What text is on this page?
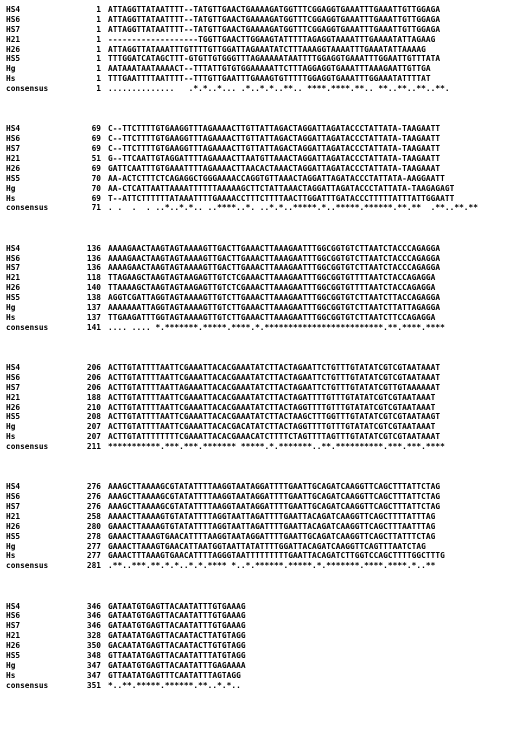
HS4	1 ATTAGGTTATAATTTT--TATGTTGAACTGAAAAGATGGTTTCGGAGGTGAAATTTGAAATTGTTGGAGA
HS6	1 ATTAGGTTATAATTTT--TATGTTGAACTGAAAAGATGGTTTCGGAGGTGAAATTTGAAATTGTTGGAGA
HS7	1 ATTAGGTTATAATTTT--TATGTTGAACTGAAAAGATGGTTTCGGAGGTGAAATTTGAAATTGTTGGAGA
H21	1 -------------------TGGTTGAACTTGGAAGTATTTTTAGAGGTAAAATTTGAAAATATTAGAAG
H26	1 ATTAGGTTATAAATTTGTTTTGTTGGATTAGAAATATCTTTAAAGGTAAAATTTGAAATATTAAAAG
HS5	1 TTTGGATCATAGCTTT-GTGTTGTGGGTTTAGAAAAATAATTTTGGAGGTGAAATTTGGAATTGTTTATA
Hg	1 AATAAATAATAAAACT--TTTATTGTGTGGAAAAATTCTTTAGGAGGTGAAATTTAAAGAATTGTTGA
Hs	1 TTTGAATTTTAATTTT--TTTGTTGAATTTGAAAGTGTTTTTGGAGGTGAAATTTGGAAATATTTTAT
consensus	1 ..............   .*.*..*... .*..*.*..**.. ****.****.**.. **..**..**..**.
HS4	69 C--TTCTTTTGTGAAGGTTTAGAAAACTTGTTATTAGACTAGGATTAGATACCCTATTATA-TAAGAATT
HS6	69 C--TTCTTTTGTGAAGGTTTAGAAAACTTGTTATTAGACTAGGATTAGATACCCTATTATA-TAAGAATT
HS7	69 C--TTCTTTTGTGAAGGTTTAGAAAACTTGTTATTAGACTAGGATTAGATACCCTATTATA-TAAGAATT
H21	51 G--TTCAATTGTAGGATTTTAGAAAACTTAATGTTAAACTAGGATTAGATACCCTATTATA-TAAGAATT
H26	69 GATTCAATTTGTGAAATTTTAGAAAACTTAACACTAAACTAGGATTAGATACCCTATTATA-TAAGAAAT
HS5	70 AA-ACTCTTTCTCAGAGGCTGGGAAAACCAGGTGTTAAACTAGGATTAGATACCCTATTATA-AAGGAATT
Hg	70 AA-CTCATTAATTAAAATTTTTTAAAAAGCTTCTATTAAACTAGGATTAGATACCCTATTATA-TAAGAGAGT
Hs	69 T--ATTCTTTTTTATAAATTTTGAAAACCTTTCTTTTAACTTGGATTTGATACCCTTTTTATTTATTGGAATT
consensus	71 . .  .  . ..*..*.*.. ..****..*. ..*.*..*****.*..*****.******.**.**  .**..**.**
HS4	136 AAAAGAACTAAGTAGTAAAAGTTGACTTGAAACTTAAAGAATTTGGCGGTGTCTTAATCTACCCAGAGGA
HS6	136 AAAAGAACTAAGTAGTAAAAGTTGACTTGAAACTTAAAGAATTTGGCGGTGTCTTAATCTACCCAGAGGA
HS7	136 AAAAGAACTAAGTAGTAAAAGTTGACTTGAAACTTAAAGAATTTGGCGGTGTCTTAATCTACCCAGAGGA
H21	118 TTAGAAGCTAAGTAGTAAGAGTTGTCTCGAAACTTAAAGAATTTGGCGGTGTTTTAATCTACCAGAGGA
H26	140 TTAAAAGCTAAGTAGTAAGAGTTGTCTCGAAACTTAAAGAATTTGGCGGTGTTTTAATCTACCAGAGGA
HS5	138 AGGTCGATTAGGTAGTAAAAGTTGTCTTGAAACTTAAAGAATTTGGCGGTGTCTTAATCTTACCAGAGGA
Hg	137 AAAAAAATTAGGTAGTAAAAGTTGTCTTGAAACTTAAAGAATTTGGCGGTGTCTTAATCTTATTAGAGGA
Hs	137 TTGAAGATTTGGTAGTAAAAGTTGTCTTGAAACTTAAAGAATTTGGCGGTGTCTTAATCTTCCAGAGGA
consensus	141 .... .... *.*******.*****.****.*.*************************.**.****.****
HS4	206 ACTTGTATTTTAATTCGAAATTACACGAAATATCTTACTAGAATTCTGTTTGTATATCGTCGTAATAAAT
HS6	206 ACTTGTATTTTAATTCGAAATTACACGAAATATCTTACTAGAATTCTGTTTGTATATCGTCGTAATAAAT
HS7	206 ACTTGTATTTTAATTAGAAATTACACGAAATATCTTACTAGAATTCTGTTTGTATATCGTTGTAAAAAAT
H21	188 ACTTGTATTTTAATTCGAAATTACACGAAATATCTTACTAGATTTTGTTTGTATATCGTCGTAATAAAT
H26	210 ACTTGTATTTTAATTCGAAATTACACGAAATATCTTACTAGGTTTTGTTTGTATATCGTCGTAATAAAT
HS5	208 ACTTGTATTTTAATTCGAAATTACACGAAATATCTTACTAAGCTTTGGTTTGTATATCGTCGTAATAAGT
Hg	207 ACTTGTATTTTAATTCGAAATTACACGACATATCTTACTAGGTTTTGTTTGTATATCGTCGTAATAAAT
Hs	207 ACTTGTATTTTTTTTCGAAATTACACGAAACATCTTTTCTAGTTTTAGTTTGTATATCGTCGTAATAAAT
consensus	211 ***********.***.***.******* *****.*.*******..**.**********.***.***.****
HS4	276 AAAGCTTAAAAGCGTATATTTTAAGGTAATAGGATTTTGAATTGCAGATCAAGGTTCAGCTTTATTCTAG
HS6	276 AAAGCTTAAAAGCGTATATTTTAAGGTAATAGGATTTTGAATTGCAGATCAAGGTTCAGCTTTATTCTAG
HS7	276 AAAGCTTAAAAGCGTATATTTTAAGGTAATAGGATTTTGAATTGCAGATCAAGGTTCAGCTTTATTCTAG
H21	258 AAAACTTAAAAGTGTATATTTTAGGTAATTAGATTTTGAATTACAGATCAAGGTTCAGCTTTTATTTAG
H26	280 GAAACTTAAAAGTGTATATTTTAGGTAATTAGATTTTGAATTACAGATCAAGGTTCAGCTTTAATTTAG
HS5	278 GAAACTTAAAGTGAACATTTTAAGGTAATAGGATTTTGAATTGCAGATCAAGGTTCAGCTTATTTCTAG
Hg	277 GAAACTTAAAGTGAACATTAATGGTAATTATATTTTGGATTACAGATCAAGGTTCAGTTTAATCTAG
Hs	277 GAAACTTTAAAGTGAACATTTTAGGGTAATTTTTTTTTGAATTACAGATCTTGGTCCAGCTTTTGGCTTTG
consensus	281 .**..***.**.*.*..*.*.**** *..*.******.*****.*.*******.****.****.*..**
HS4	346 GATAATGTGAGTTACAATATTTGTGAAAG
HS6	346 GATAATGTGAGTTACAATATTTGTGAAAG
HS7	346 GATAATGTGAGTTACAATATTTGTGAAAG
H21	328 GATAATATGAGTTACAATACTTATGTAGG
H26	350 GACAATATGAGTTACAATACTTGTGTAGG
HS5	348 GTTAATATGAGTTACAATATTTATGTAGG
Hg	347 GATAATGTGAGTTACAATATTTGAGAAAA
Hs	347 GTTAATATGAGTTTCAATATTTAGTAGG
consensus	351 *..**.*****.******.**..*.*..
